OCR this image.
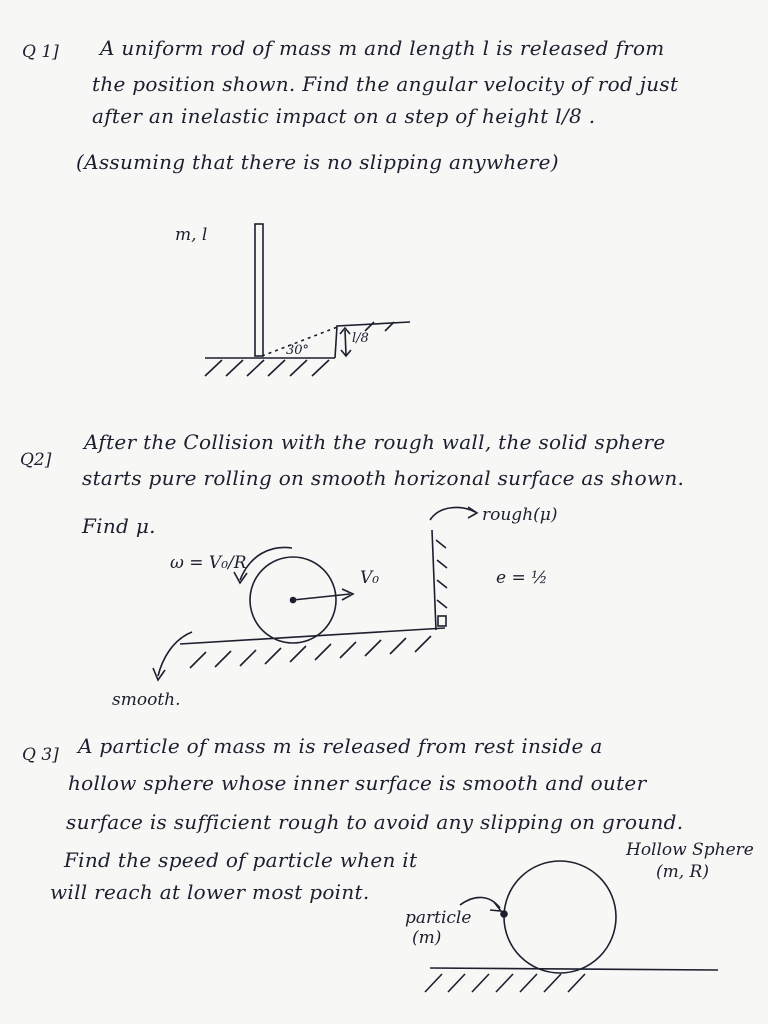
Q 1] A uniform rod of mass m and length l is released from
the position shown. Find the angular velocity of rod just
after an inelastic impact on a step of height l/8 .
(Assuming that there is no slipping anywhere)
m, l
30°
l/8
Q2]
After the Collision with the rough wall, the solid sphere
starts pure rolling on smooth horizonal surface as shown.
Find μ.
ω = V₀/R
V₀
rough(μ)
e = ½
smooth.
Q 3] A particle of mass m is released from rest inside a
hollow sphere whose inner surface is smooth and outer
surface is sufficient rough to avoid any slipping on ground.
Find the speed of particle when it
will reach at lower most point.
Hollow Sphere
(m, R)
particle
(m)
